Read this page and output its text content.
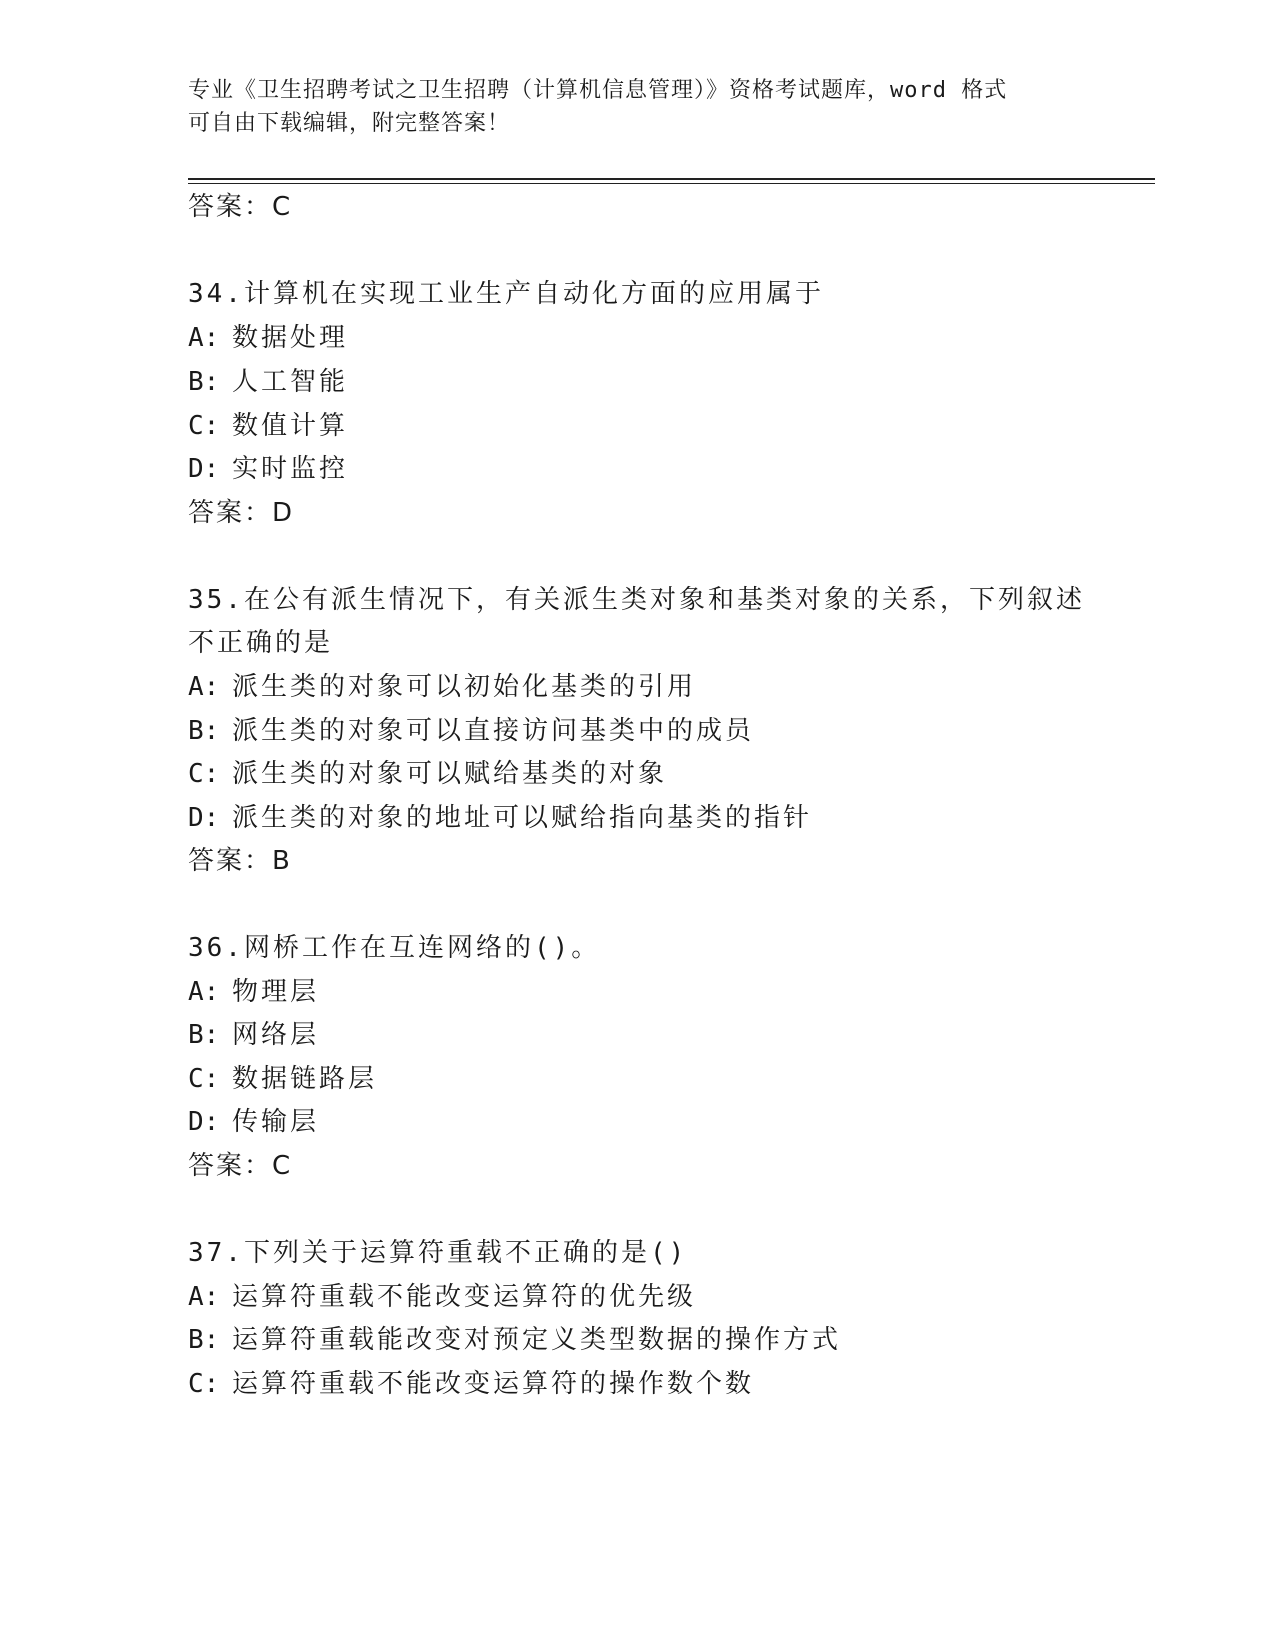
专业《卫生招聘考试之卫生招聘（计算机信息管理）》资格考试题库，word 格式
可自由下载编辑，附完整答案！
答案：C
34.计算机在实现工业生产自动化方面的应用属于
A: 数据处理
B: 人工智能
C: 数值计算
D: 实时监控
答案：D
35.在公有派生情况下，有关派生类对象和基类对象的关系，下列叙述
不正确的是
A: 派生类的对象可以初始化基类的引用
B: 派生类的对象可以直接访问基类中的成员
C: 派生类的对象可以赋给基类的对象
D: 派生类的对象的地址可以赋给指向基类的指针
答案：B
36.网桥工作在互连网络的()。
A: 物理层
B: 网络层
C: 数据链路层
D: 传输层
答案：C
37.下列关于运算符重载不正确的是()
A: 运算符重载不能改变运算符的优先级
B: 运算符重载能改变对预定义类型数据的操作方式
C: 运算符重载不能改变运算符的操作数个数
